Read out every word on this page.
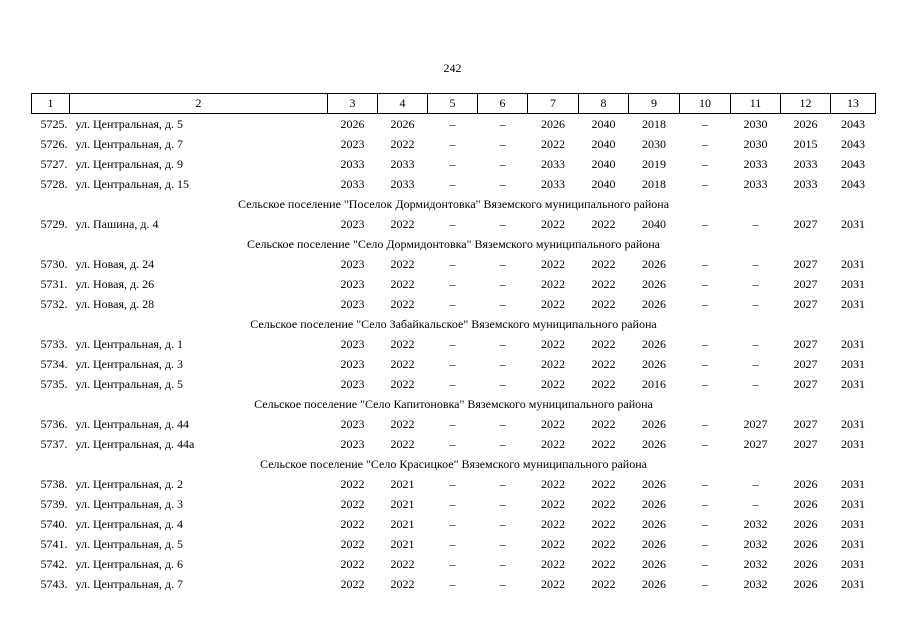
242
1	2	3	4	5	6	7	8	9	10	11	12	13
5725.	ул. Центральная, д. 5	2026	2026	–	–	2026	2040	2018	–	2030	2026	2043
5726.	ул. Центральная, д. 7	2023	2022	–	–	2022	2040	2030	–	2030	2015	2043
5727.	ул. Центральная, д. 9	2033	2033	–	–	2033	2040	2019	–	2033	2033	2043
5728.	ул. Центральная, д. 15	2033	2033	–	–	2033	2040	2018	–	2033	2033	2043
Сельское поселение "Поселок Дормидонтовка" Вяземского муниципального района												
5729.	ул. Пашина, д. 4	2023	2022	–	–	2022	2022	2040	–	–	2027	2031
Сельское поселение "Село Дормидонтовка" Вяземского муниципального района												
5730.	ул. Новая, д. 24	2023	2022	–	–	2022	2022	2026	–	–	2027	2031
5731.	ул. Новая, д. 26	2023	2022	–	–	2022	2022	2026	–	–	2027	2031
5732.	ул. Новая, д. 28	2023	2022	–	–	2022	2022	2026	–	–	2027	2031
Сельское поселение "Село Забайкальское" Вяземского муниципального района												
5733.	ул. Центральная, д. 1	2023	2022	–	–	2022	2022	2026	–	–	2027	2031
5734.	ул. Центральная, д. 3	2023	2022	–	–	2022	2022	2026	–	–	2027	2031
5735.	ул. Центральная, д. 5	2023	2022	–	–	2022	2022	2016	–	–	2027	2031
Сельское поселение "Село Капитоновка" Вяземского муниципального района												
5736.	ул. Центральная, д. 44	2023	2022	–	–	2022	2022	2026	–	2027	2027	2031
5737.	ул. Центральная, д. 44а	2023	2022	–	–	2022	2022	2026	–	2027	2027	2031
Сельское поселение "Село Красицкое" Вяземского муниципального района												
5738.	ул. Центральная, д. 2	2022	2021	–	–	2022	2022	2026	–	–	2026	2031
5739.	ул. Центральная, д. 3	2022	2021	–	–	2022	2022	2026	–	–	2026	2031
5740.	ул. Центральная, д. 4	2022	2021	–	–	2022	2022	2026	–	2032	2026	2031
5741.	ул. Центральная, д. 5	2022	2021	–	–	2022	2022	2026	–	2032	2026	2031
5742.	ул. Центральная, д. 6	2022	2022	–	–	2022	2022	2026	–	2032	2026	2031
5743.	ул. Центральная, д. 7	2022	2022	–	–	2022	2022	2026	–	2032	2026	2031
